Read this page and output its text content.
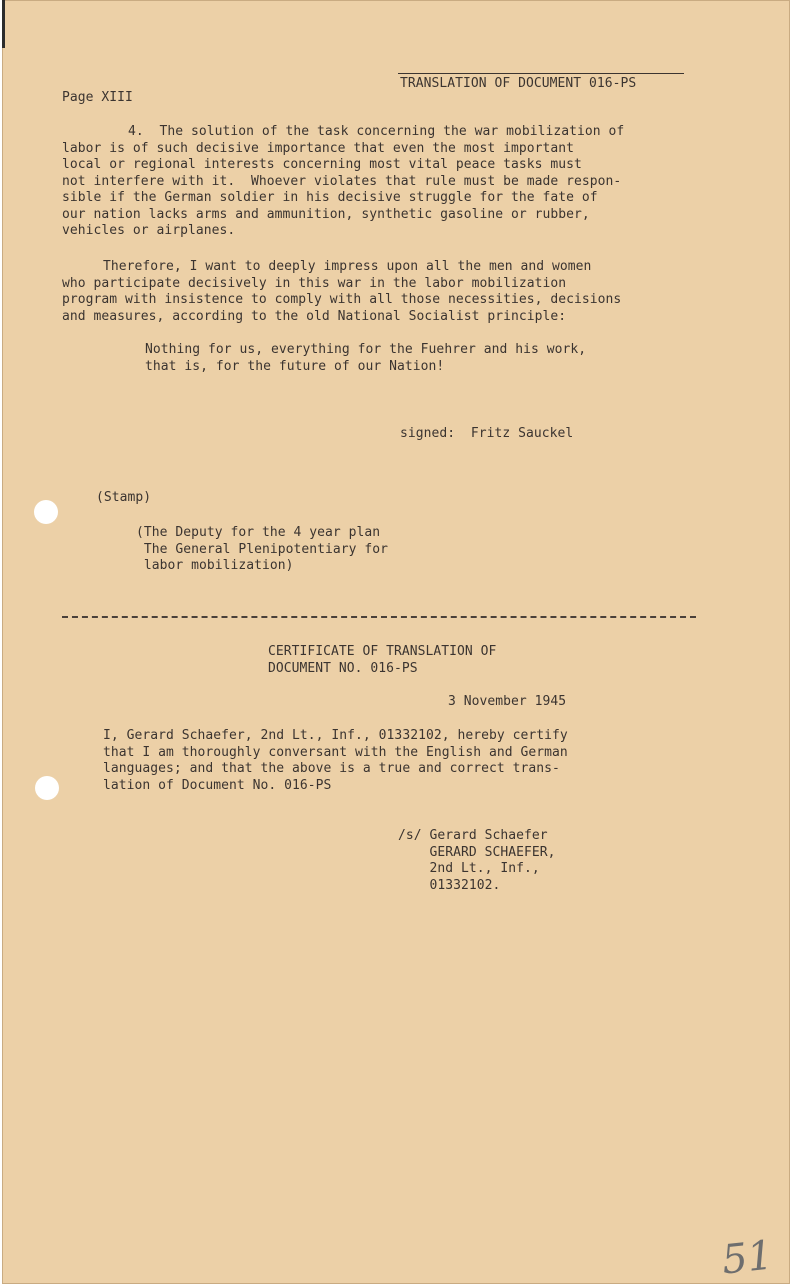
Page XIII
TRANSLATION OF DOCUMENT 016-PS
4.  The solution of the task concerning the war mobilization of
labor is of such decisive importance that even the most important
local or regional interests concerning most vital peace tasks must
not interfere with it.  Whoever violates that rule must be made respon-
sible if the German soldier in his decisive struggle for the fate of
our nation lacks arms and ammunition, synthetic gasoline or rubber,
vehicles or airplanes.
Therefore, I want to deeply impress upon all the men and women
who participate decisively in this war in the labor mobilization
program with insistence to comply with all those necessities, decisions
and measures, according to the old National Socialist principle:
Nothing for us, everything for the Fuehrer and his work,
that is, for the future of our Nation!
signed:  Fritz Sauckel
(Stamp)
(The Deputy for the 4 year plan
The General Plenipotentiary for
labor mobilization)
CERTIFICATE OF TRANSLATION OF
DOCUMENT NO. 016-PS
3 November 1945
I, Gerard Schaefer, 2nd Lt., Inf., 01332102, hereby certify
that I am thoroughly conversant with the English and German
languages; and that the above is a true and correct trans-
lation of Document No. 016-PS
/s/ Gerard Schaefer
GERARD SCHAEFER,
2nd Lt., Inf.,
01332102.
51
